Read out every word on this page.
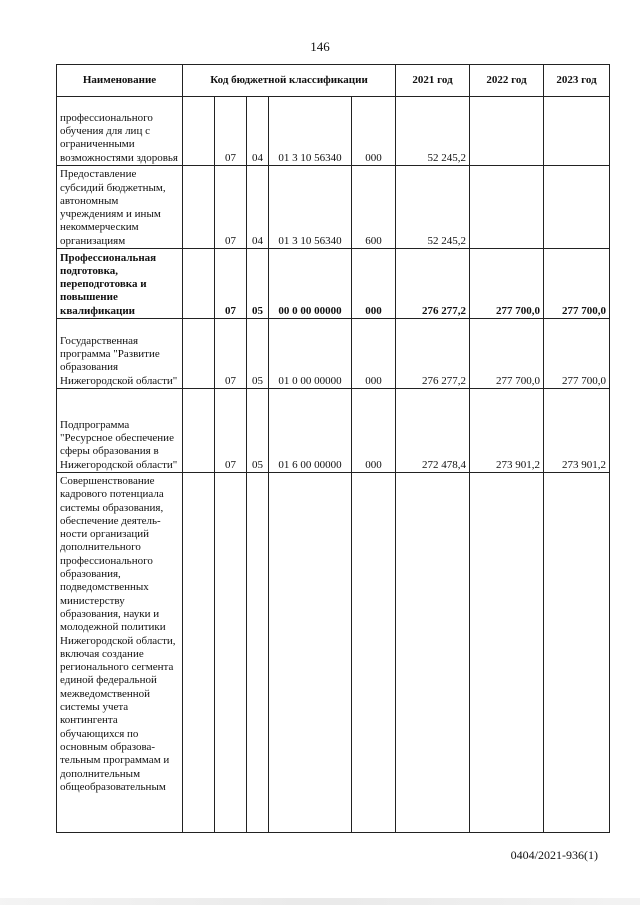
146
Наименование	Код бюджетной классификации					2021 год	2022 год	2023 год
профессионального обучения для лиц с ограниченными возможностями здоровья		07	04	01 3 10 56340	000	52 245,2		
Предоставление субсидий бюджетным, автономным учреждениям и иным некоммерческим организациям		07	04	01 3 10 56340	600	52 245,2		
Профессиональная подготовка, переподготовка и повышение квалификации		07	05	00 0 00 00000	000	276 277,2	277 700,0	277 700,0
Государственная программа "Развитие образования Нижегородской области"		07	05	01 0 00 00000	000	276 277,2	277 700,0	277 700,0
Подпрограмма "Ресурсное обеспечение сферы образования в Нижегородской области"		07	05	01 6 00 00000	000	272 478,4	273 901,2	273 901,2
Совершенствование кадрового потенциала системы образования, обеспечение деятель-ности организаций дополнительного профессионального образования, подведомственных министерству образования, науки и молодежной политики Нижегородской области, включая создание регионального сегмента единой федеральной межведомственной системы учета контингента обучающихся по основным образова-тельным программам и дополнительным общеобразовательным								
0404/2021-936(1)
